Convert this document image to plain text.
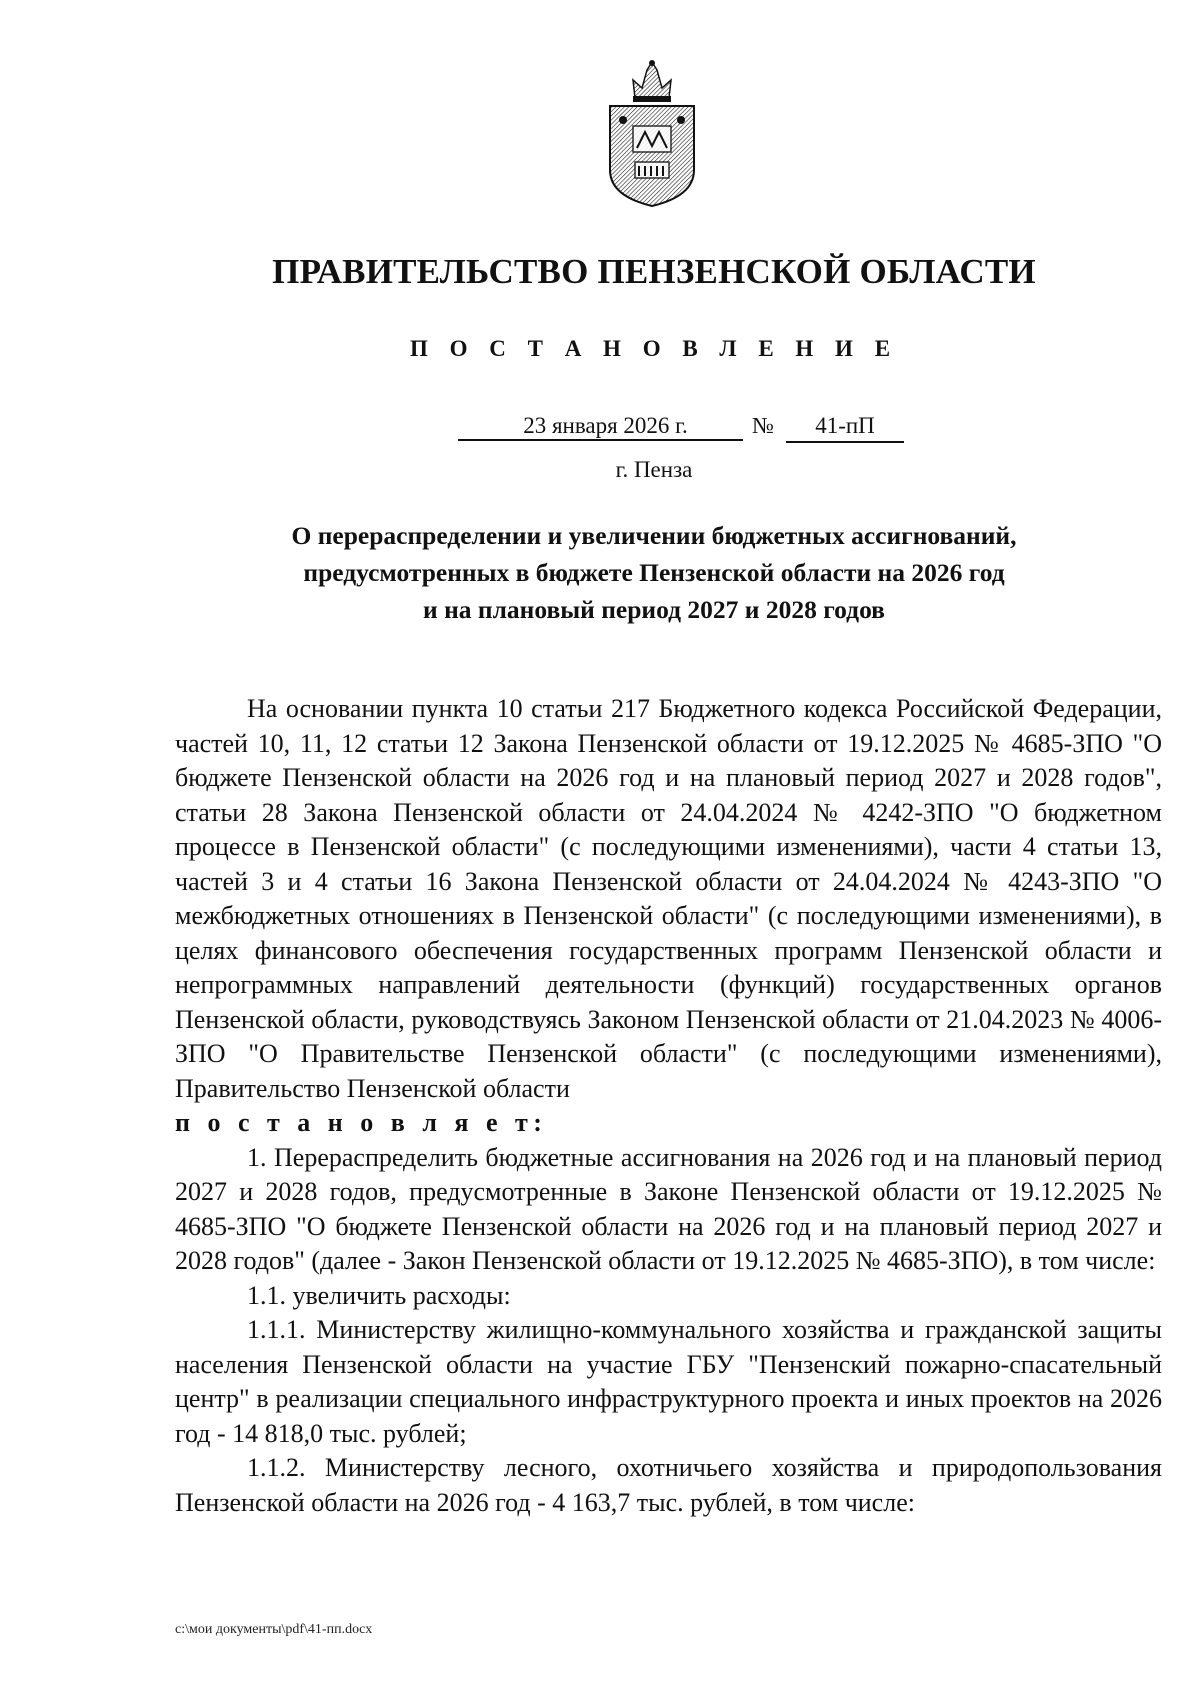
ПРАВИТЕЛЬСТВО ПЕНЗЕНСКОЙ ОБЛАСТИ
П О С Т А Н О В Л Е Н И Е
23 января 2026 г.	№	41-пП
г. Пенза
О перераспределении и увеличении бюджетных ассигнований,
предусмотренных в бюджете Пензенской области на 2026 год
и на плановый период 2027 и 2028 годов
На основании пункта 10 статьи 217 Бюджетного кодекса Российской Федерации, частей 10, 11, 12 статьи 12 Закона Пензенской области от 19.12.2025 № 4685-ЗПО "О бюджете Пензенской области на 2026 год и на плановый период 2027 и 2028 годов", статьи 28 Закона Пензенской области от 24.04.2024 № 4242-ЗПО "О бюджетном процессе в Пензенской области" (с последующими изменениями), части 4 статьи 13, частей 3 и 4 статьи 16 Закона Пензенской области от 24.04.2024 № 4243-ЗПО "О межбюджетных отношениях в Пензенской области" (с последующими изменениями), в целях финансового обеспечения государственных программ Пензенской области и непрограммных направлений деятельности (функций) государственных органов Пензенской области, руководствуясь Законом Пензенской области от 21.04.2023 № 4006-ЗПО "О Правительстве Пензенской области" (с последующими изменениями), Правительство Пензенской области
п о с т а н о в л я е т:
1. Перераспределить бюджетные ассигнования на 2026 год и на плановый период 2027 и 2028 годов, предусмотренные в Законе Пензенской области от 19.12.2025 № 4685-ЗПО "О бюджете Пензенской области на 2026 год и на плановый период 2027 и 2028 годов" (далее - Закон Пензенской области от 19.12.2025 № 4685-ЗПО), в том числе:
1.1. увеличить расходы:
1.1.1. Министерству жилищно-коммунального хозяйства и гражданской защиты населения Пензенской области на участие ГБУ "Пензенский пожарно-спасательный центр" в реализации специального инфраструктурного проекта и иных проектов на 2026 год - 14 818,0 тыс. рублей;
1.1.2. Министерству лесного, охотничьего хозяйства и природопользования Пензенской области на 2026 год - 4 163,7 тыс. рублей, в том числе:
c:\мои документы\pdf\41-пп.docx
